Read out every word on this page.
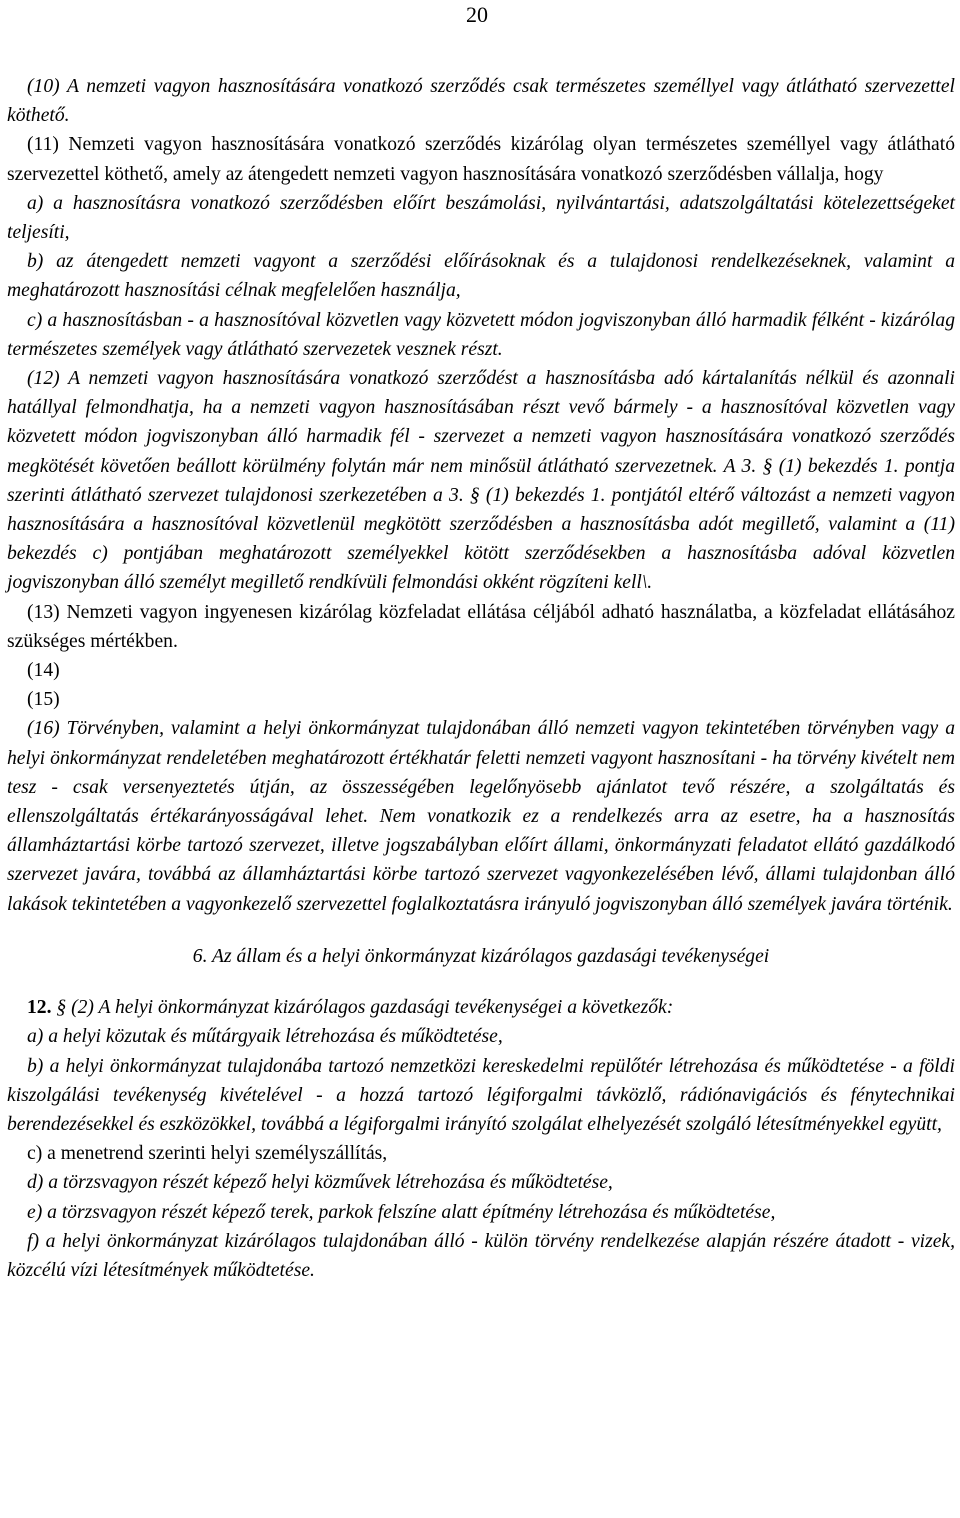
20

(10) A nemzeti vagyon hasznosítására vonatkozó szerződés csak természetes személlyel vagy átlátható szervezettel köthető.

(11) Nemzeti vagyon hasznosítására vonatkozó szerződés kizárólag olyan természetes személlyel vagy átlátható szervezettel köthető, amely az átengedett nemzeti vagyon hasznosítására vonatkozó szerződésben vállalja, hogy

a) a hasznosításra vonatkozó szerződésben előírt beszámolási, nyilvántartási, adatszolgáltatási kötelezettségeket teljesíti,

b) az átengedett nemzeti vagyont a szerződési előírásoknak és a tulajdonosi rendelkezéseknek, valamint a meghatározott hasznosítási célnak megfelelően használja,

c) a hasznosításban - a hasznosítóval közvetlen vagy közvetett módon jogviszonyban álló harmadik félként - kizárólag természetes személyek vagy átlátható szervezetek vesznek részt.

(12) A nemzeti vagyon hasznosítására vonatkozó szerződést a hasznosításba adó kártalanítás nélkül és azonnali hatállyal felmondhatja, ha a nemzeti vagyon hasznosításában részt vevő bármely - a hasznosítóval közvetlen vagy közvetett módon jogviszonyban álló harmadik fél - szervezet a nemzeti vagyon hasznosítására vonatkozó szerződés megkötését követően beállott körülmény folytán már nem minősül átlátható szervezetnek. A 3. § (1) bekezdés 1. pontja szerinti átlátható szervezet tulajdonosi szerkezetében a 3. § (1) bekezdés 1. pontjától eltérő változást a nemzeti vagyon hasznosítására a hasznosítóval közvetlenül megkötött szerződésben a hasznosításba adót megillető, valamint a (11) bekezdés c) pontjában meghatározott személyekkel kötött szerződésekben a hasznosításba adóval közvetlen jogviszonyban álló személyt megillető rendkívüli felmondási okként rögzíteni kell\.

(13) Nemzeti vagyon ingyenesen kizárólag közfeladat ellátása céljából adható használatba, a közfeladat ellátásához szükséges mértékben.

(14)

(15)

(16) Törvényben, valamint a helyi önkormányzat tulajdonában álló nemzeti vagyon tekintetében törvényben vagy a helyi önkormányzat rendeletében meghatározott értékhatár feletti nemzeti vagyont hasznosítani - ha törvény kivételt nem tesz - csak versenyeztetés útján, az összességében legelőnyösebb ajánlatot tevő részére, a szolgáltatás és ellenszolgáltatás értékarányosságával lehet. Nem vonatkozik ez a rendelkezés arra az esetre, ha a hasznosítás államháztartási körbe tartozó szervezet, illetve jogszabályban előírt állami, önkormányzati feladatot ellátó gazdálkodó szervezet javára, továbbá az államháztartási körbe tartozó szervezet vagyonkezelésében lévő, állami tulajdonban álló lakások tekintetében a vagyonkezelő szervezettel foglalkoztatásra irányuló jogviszonyban álló személyek javára történik.

6. Az állam és a helyi önkormányzat kizárólagos gazdasági tevékenységei

12. § (2) A helyi önkormányzat kizárólagos gazdasági tevékenységei a következők:

a) a helyi közutak és műtárgyaik létrehozása és működtetése,

b) a helyi önkormányzat tulajdonába tartozó nemzetközi kereskedelmi repülőtér létrehozása és működtetése - a földi kiszolgálási tevékenység kivételével - a hozzá tartozó légiforgalmi távközlő, rádiónavigációs és fénytechnikai berendezésekkel és eszközökkel, továbbá a légiforgalmi irányító szolgálat elhelyezését szolgáló létesítményekkel együtt,

c) a menetrend szerinti helyi személyszállítás,

d) a törzsvagyon részét képező helyi közművek létrehozása és működtetése,

e) a törzsvagyon részét képező terek, parkok felszíne alatt építmény létrehozása és működtetése,

f) a helyi önkormányzat kizárólagos tulajdonában álló - külön törvény rendelkezése alapján részére átadott - vizek, közcélú vízi létesítmények működtetése.
